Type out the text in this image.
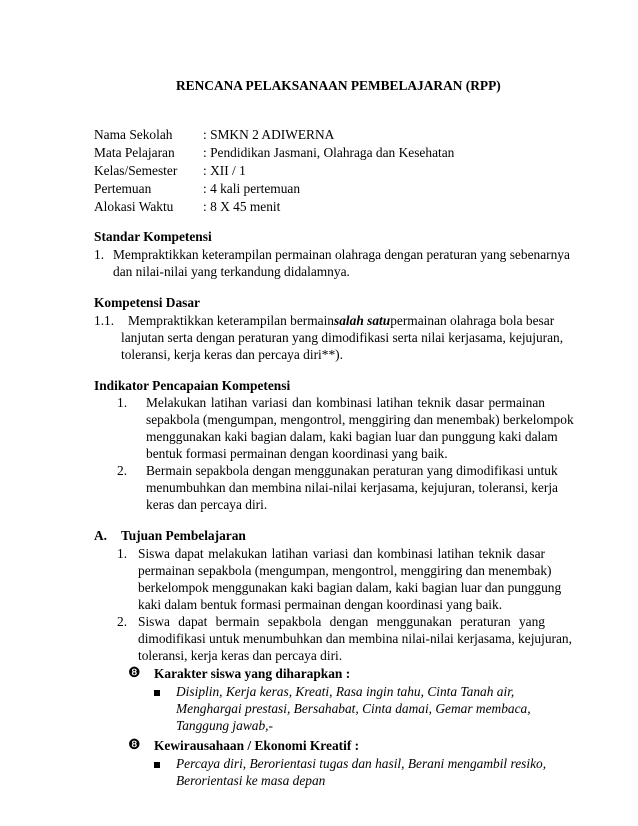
RENCANA PELAKSANAAN PEMBELAJARAN (RPP)
Nama Sekolah : SMKN 2 ADIWERNA
Mata Pelajaran : Pendidikan Jasmani, Olahraga dan Kesehatan
Kelas/Semester : XII / 1
Pertemuan	: 4 kali pertemuan
Alokasi Waktu : 8 X 45 menit
Standar Kompetensi
1. Mempraktikkan keterampilan permainan olahraga dengan peraturan yang sebenarnya
dan nilai-nilai yang terkandung didalamnya.
Kompetensi Dasar
1.1. Mempraktikkan keterampilan bermain salah satu permainan olahraga bola besar
lanjutan serta dengan peraturan yang dimodifikasi serta nilai kerjasama, kejujuran,
toleransi, kerja keras dan percaya diri**).
Indikator Pencapaian Kompetensi
1. Melakukan latihan variasi dan kombinasi latihan teknik dasar permainan
sepakbola (mengumpan, mengontrol, menggiring dan menembak) berkelompok
menggunakan kaki bagian dalam, kaki bagian luar dan punggung kaki dalam
bentuk formasi permainan dengan koordinasi yang baik.
2. Bermain sepakbola dengan menggunakan peraturan yang dimodifikasi untuk
menumbuhkan dan membina nilai-nilai kerjasama, kejujuran, toleransi, kerja
keras dan percaya diri.
A. Tujuan Pembelajaran
1. Siswa dapat melakukan latihan variasi dan kombinasi latihan teknik dasar
permainan sepakbola (mengumpan, mengontrol, menggiring dan menembak)
berkelompok menggunakan kaki bagian dalam, kaki bagian luar dan punggung
kaki dalam bentuk formasi permainan dengan koordinasi yang baik.
2. Siswa dapat bermain sepakbola dengan menggunakan peraturan yang
dimodifikasi untuk menumbuhkan dan membina nilai-nilai kerjasama, kejujuran,
toleransi, kerja keras dan percaya diri.
❽ Karakter siswa yang diharapkan :
Disiplin, Kerja keras, Kreati, Rasa ingin tahu, Cinta Tanah air,
Menghargai prestasi, Bersahabat, Cinta damai, Gemar membaca,
Tanggung jawab,-
❽ Kewirausahaan / Ekonomi Kreatif :
Percaya diri, Berorientasi tugas dan hasil, Berani mengambil resiko,
Berorientasi ke masa depan
